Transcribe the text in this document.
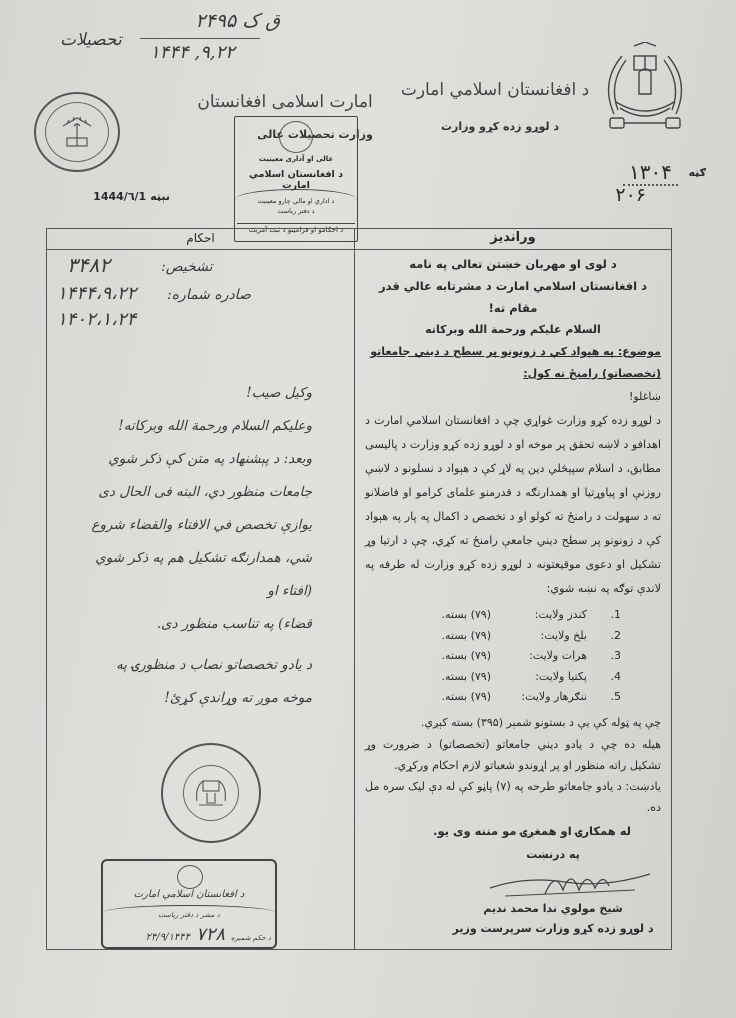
ق ک ۲۴۹۵
تحصيلات
۱۴۴۴ ,۹,۲۲
امارت اسلامی افغانستان
وزارت تحصیلات عالی
د افغانستان اسلامي امارت
د لوړو زده کړو وزارت
ګڼه
۱۳۰۴
۲۰۶
نېټه
1444/٦/1
عالی او آداری معینیت
د افغانستان اسلامي امارت
د اداري او مالي چارو معینیت
د دفتر ریاست
د احکامو او فرامینو د ثبت آمریت	وراندیز
احکام
د لوی او مهربان خښتن تعالی په نامه
د افغانستان اسلامي امارت د مشرتابه عالي قدر مقام ته!
السلام علیکم ورحمة الله وبرکاته
موضوع: په هېواد کې د زونونو پر سطح د ديني جامعاتو (تخصصاتو) رامنځ ته کول:
ښاغلو!
د لوړو زده کړو وزارت غواړي چې د افغانستان اسلامي امارت د اهدافو د لاښه تحقق پر موخه او د لوړو زده کړو وزارت د پالیسی مطابق، د اسلام سپېڅلي دين په لاړ کې د هېواد د نسلونو د لاښې روزنې او پیاوړتیا او همدارنګه د قدرمنو علمای کرامو او فاضلانو ته د سهولت د رامنځ ته کولو او د تخصص د اکمال په پار په هېواد کې د زونونو پر سطح ديني جامعې رامنځ ته کړي، چې د ارتیا وړ تشکیل او دعوی موقیعتونه د لوړو زده کړو وزارت له طرفه په لاندې توګه په نښه شوي:
1.
کندز ولایت:
(۷۹) بسته.
2.
بلخ ولایت:
(۷۹) بسته.
3.
هرات ولایت:
(۷۹) بسته.
4.
پکتیا ولایت:
(۷۹) بسته.
5.
ننګرهار ولایت:
(۷۹) بسته.
چې په ټوله کې یې د بستونو شمېر (۳۹۵) بسته کېږي.
هیله ده چې د یادو ديني جامعاتو (تخصصاتو) د ضرورت وړ تشکیل راته منظور او پر اړوندو شعباتو لازم احکام ورکړي.
یادښت: د یادو جامعاتو طرحه په (۷) پاڼو کې له دې لیک سره مل ده.
له همکارۍ او همغږۍ مو مننه وی یو.
په درنښت
شیخ مولوي ندا محمد ندیم
د لوړو زده کړو وزارت سرپرست وزیر
۳۴۸۲	تشخيص:
۱۴۴۴،۹،۲۲ صادره شماره:
۱۴۰۲،۱،۲۴
وکیل صیب!
وعلیکم السلام ورحمة الله وبرکاته!
وبعد: د پېشنهاد په متن کې ذکر شوي
جامعات منظور دي، البته فی الحال دی
یوازې تخصص في الافتاء والقضاء شروع
شي، همدارنګه تشکیل هم په ذکر شوي (افتاء او
قضاء) په تناسب منظور دی.
د یادو تخصصاتو نصاب د منظورۍ په
موخه موږ ته وړاندې کړئ!
د افغانستان اسلامي امارت
د مشر د دفتر ریاست
د حکم شمیره
۷۲۸
۲۴/۹/۱۴۴۴
